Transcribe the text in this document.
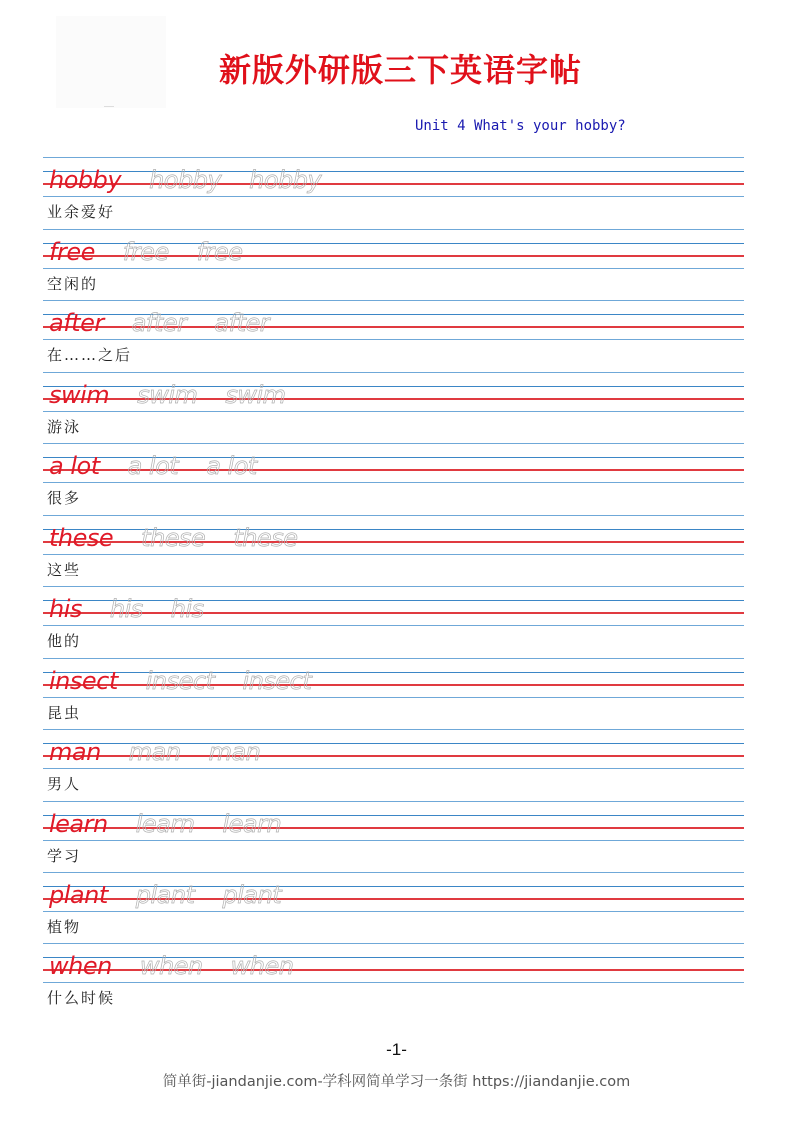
新版外研版三下英语字帖
Unit 4 What's your hobby?
hobby hobby hobby
业余爱好
free free free
空闲的
after after after
在……之后
swim swim swim
游泳
a lot a lot a lot
很多
these these these
这些
his his his
他的
insect insect insect
昆虫
man man man
男人
learn learn learn
学习
plant plant plant
植物
when when when
什么时候
-1-
简单街-jiandanjie.com-学科网简单学习一条街 https://jiandanjie.com
